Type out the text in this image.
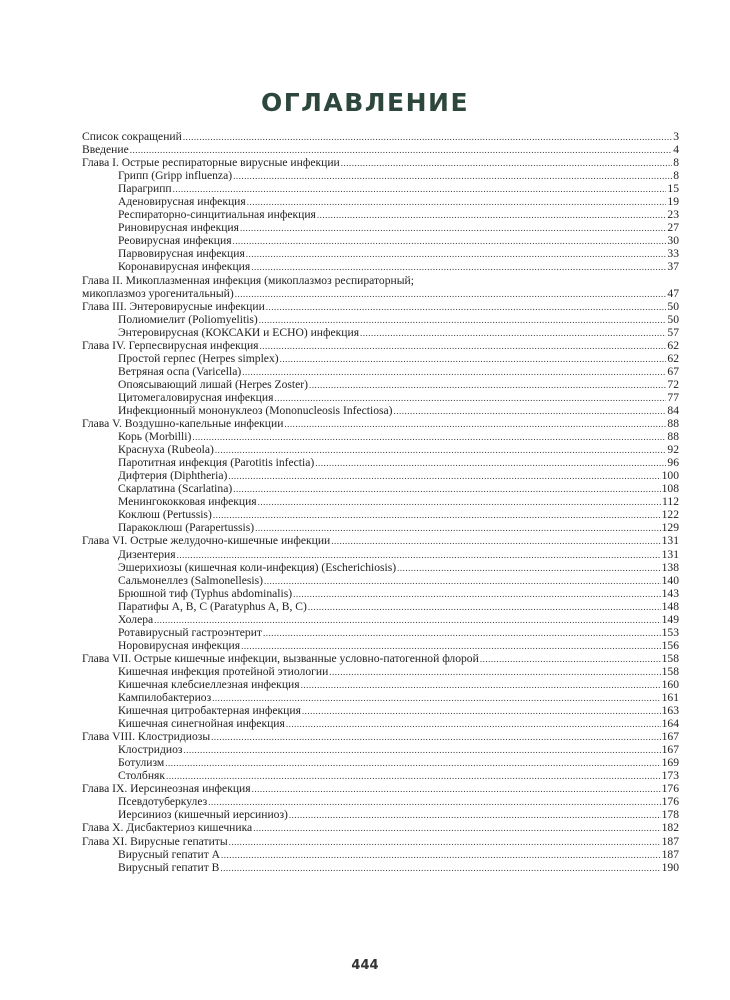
ОГЛАВЛЕНИЕ
Список сокращений .....	3
Введение .....	4
Глава I. Острые респираторные вирусные инфекции .....	8
Грипп (Gripp influenza) .....	8
Парагрипп .....	15
Аденовирусная инфекция .....	19
Респираторно-синцитиальная инфекция .....	23
Риновирусная инфекция .....	27
Реовирусная инфекция .....	30
Парвовирусная инфекция .....	33
Коронавирусная инфекция .....	37
Глава II. Микоплазменная инфекция (микоплазмоз респираторный;
микоплазмоз урогенитальный) .....	47
Глава III. Энтеровирусные инфекции .....	50
Полиомиелит (Poliomyelitis) .....	50
Энтеровирусная (КОКСАКИ и ЕСНО) инфекция .....	57
Глава IV. Герпесвирусная инфекция .....	62
Простой герпес (Herpes simplex) .....	62
Ветряная оспа (Varicella) .....	67
Опоясывающий лишай (Herpes Zoster) .....	72
Цитомегаловирусная инфекция .....	77
Инфекционный мононуклеоз (Mononucleosis Infectiosa) .....	84
Глава V. Воздушно-капельные инфекции .....	88
Корь (Morbilli) .....	88
Краснуха (Rubeola) .....	92
Паротитная инфекция (Parotitis infectia) .....	96
Дифтерия (Diphtheria) .....	100
Скарлатина (Scarlatina) .....	108
Менингококковая инфекция .....	112
Коклюш (Pertussis) .....	122
Паракоклюш (Parapertussis) .....	129
Глава VI. Острые желудочно-кишечные инфекции .....	131
Дизентерия .....	131
Эшерихиозы (кишечная коли-инфекция) (Escherichiosis) .....	138
Сальмонеллез (Salmonellesis) .....	140
Брюшной тиф (Typhus abdominalis) .....	143
Паратифы А, В, С (Paratyphus A, B, C) .....	148
Холера .....	149
Ротавирусный гастроэнтерит .....	153
Норовирусная инфекция .....	156
Глава VII. Острые кишечные инфекции, вызванные условно-патогенной флорой .....	158
Кишечная инфекция протейной этиологии .....	158
Кишечная клебсиеллезная инфекция .....	160
Кампилобактериоз .....	161
Кишечная цитробактерная инфекция .....	163
Кишечная синегнойная инфекция .....	164
Глава VIII. Клостридиозы .....	167
Клостридиоз .....	167
Ботулизм .....	169
Столбняк .....	173
Глава IX. Иерсинеозная инфекция .....	176
Псевдотуберкулез .....	176
Иерсиниоз (кишечный иерсиниоз) .....	178
Глава X. Дисбактериоз кишечника .....	182
Глава XI. Вирусные гепатиты .....	187
Вирусный гепатит А .....	187
Вирусный гепатит В .....	190
444
